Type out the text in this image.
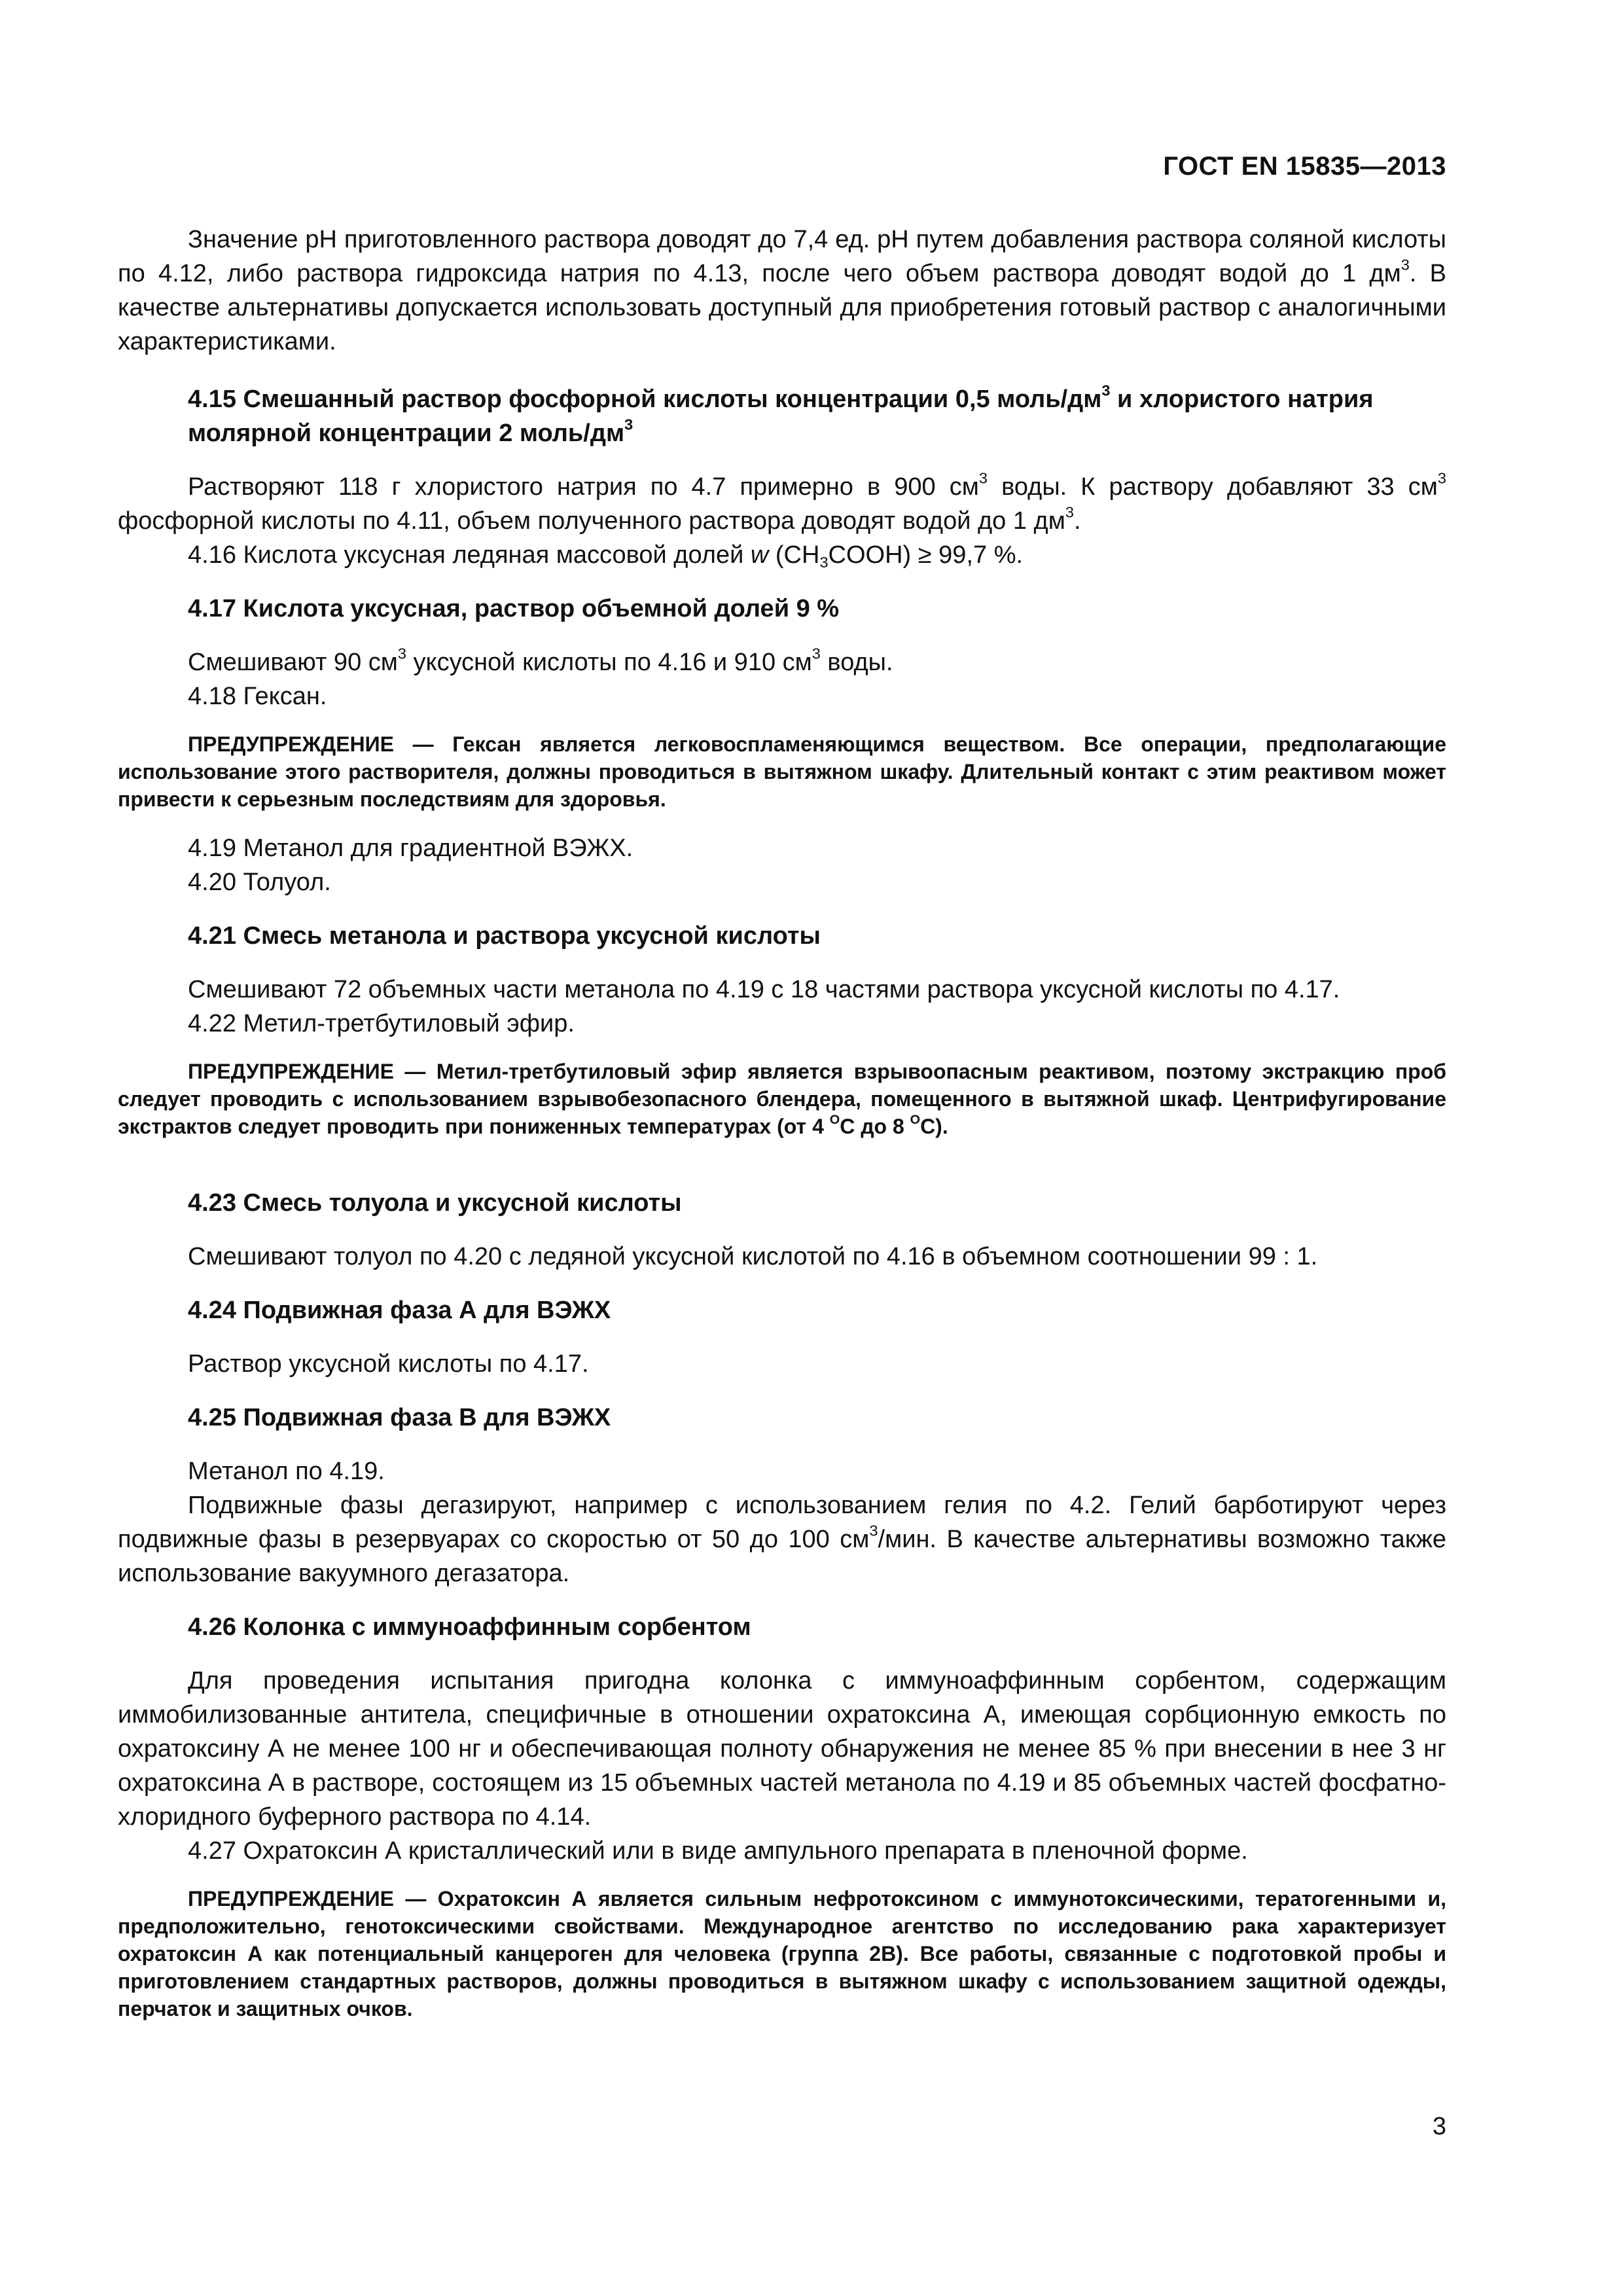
ГОСТ EN 15835—2013

Значение pH приготовленного раствора доводят до 7,4 ед. pH путем добавления раствора соляной кислоты по 4.12, либо раствора гидроксида натрия по 4.13, после чего объем раствора доводят водой до 1 $дм^3$. В качестве альтернативы допускается использовать доступный для приобретения готовый раствор с аналогичными характеристиками.

4.15 Смешанный раствор фосфорной кислоты концентрации 0,5 моль/$дм^3$ и хлористого натрия молярной концентрации 2 моль/$дм^3$

Растворяют 118 г хлористого натрия по 4.7 примерно в 900 $см^3$ воды. К раствору добавляют 33 $см^3$ фосфорной кислоты по 4.11, объем полученного раствора доводят водой до 1 $дм^3$.

4.16 Кислота уксусная ледяная массовой долей w $(CH_3COOH) \ge 99,7$ %.

4.17 Кислота уксусная, раствор объемной долей 9 %

Смешивают 90 $см^3$ уксусной кислоты по 4.16 и 910 $см^3$ воды.

4.18 Гексан.

ПРЕДУПРЕЖДЕНИЕ — Гексан является легковоспламеняющимся веществом. Все операции, предполагающие использование этого растворителя, должны проводиться в вытяжном шкафу. Длительный контакт с этим реактивом может привести к серьезным последствиям для здоровья.

4.19 Метанол для градиентной ВЭЖХ.

4.20 Толуол.

4.21 Смесь метанола и раствора уксусной кислоты

Смешивают 72 объемных части метанола по 4.19 с 18 частями раствора уксусной кислоты по 4.17.

4.22 Метил-третбутиловый эфир.

ПРЕДУПРЕЖДЕНИЕ — Метил-третбутиловый эфир является взрывоопасным реактивом, поэтому экстракцию проб следует проводить с использованием взрывобезопасного блендера, помещенного в вытяжной шкаф. Центрифугирование экстрактов следует проводить при пониженных температурах (от 4 $^О$С до 8 $^О$С).

4.23 Смесь толуола и уксусной кислоты

Смешивают толуол по 4.20 с ледяной уксусной кислотой по 4.16 в объемном соотношении 99 : 1.

4.24 Подвижная фаза А для ВЭЖХ

Раствор уксусной кислоты по 4.17.

4.25 Подвижная фаза В для ВЭЖХ

Метанол по 4.19.

Подвижные фазы дегазируют, например с использованием гелия по 4.2. Гелий барботируют через подвижные фазы в резервуарах со скоростью от 50 до 100 $см^3$/мин. В качестве альтернативы возможно также использование вакуумного дегазатора.

4.26 Колонка с иммуноаффинным сорбентом

Для проведения испытания пригодна колонка с иммуноаффинным сорбентом, содержащим иммобилизованные антитела, специфичные в отношении охратоксина А, имеющая сорбционную емкость по охратоксину А не менее 100 нг и обеспечивающая полноту обнаружения не менее 85 % при внесении в нее 3 нг охратоксина А в растворе, состоящем из 15 объемных частей метанола по 4.19 и 85 объемных частей фосфатно-хлоридного буферного раствора по 4.14.

4.27 Охратоксин А кристаллический или в виде ампульного препарата в пленочной форме.

ПРЕДУПРЕЖДЕНИЕ — Охратоксин А является сильным нефротоксином с иммунотоксическими, тератогенными и, предположительно, генотоксическими свойствами. Международное агентство по исследованию рака характеризует охратоксин А как потенциальный канцероген для человека (группа 2В). Все работы, связанные с подготовкой пробы и приготовлением стандартных растворов, должны проводиться в вытяжном шкафу с использованием защитной одежды, перчаток и защитных очков.

3
